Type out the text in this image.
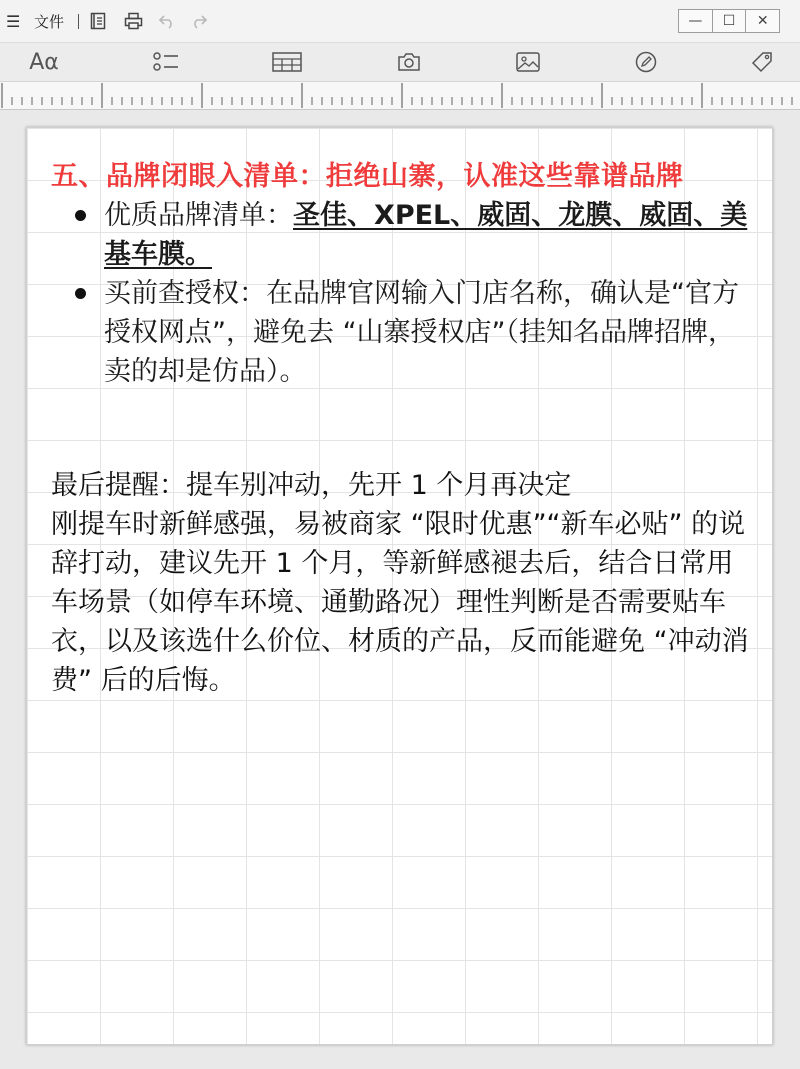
☰ 文件	—	☐	✕
Aα

五、品牌闭眼入清单：拒绝山寨，认准这些靠谱品牌

优质品牌清单：圣佳、XPEL、威固、龙膜、威固、美基车膜。
买前查授权：在品牌官网输入门店名称，确认是“官方授权网点”，避免去 “山寨授权店”（挂知名品牌招牌，卖的却是仿品）。

最后提醒：提车别冲动，先开 1 个月再决定

刚提车时新鲜感强，易被商家 “限时优惠”“新车必贴” 的说辞打动，建议先开 1 个月，等新鲜感褪去后，结合日常用车场景（如停车环境、通勤路况）理性判断是否需要贴车衣，以及该选什么价位、材质的产品，反而能避免 “冲动消费” 后的后悔。
